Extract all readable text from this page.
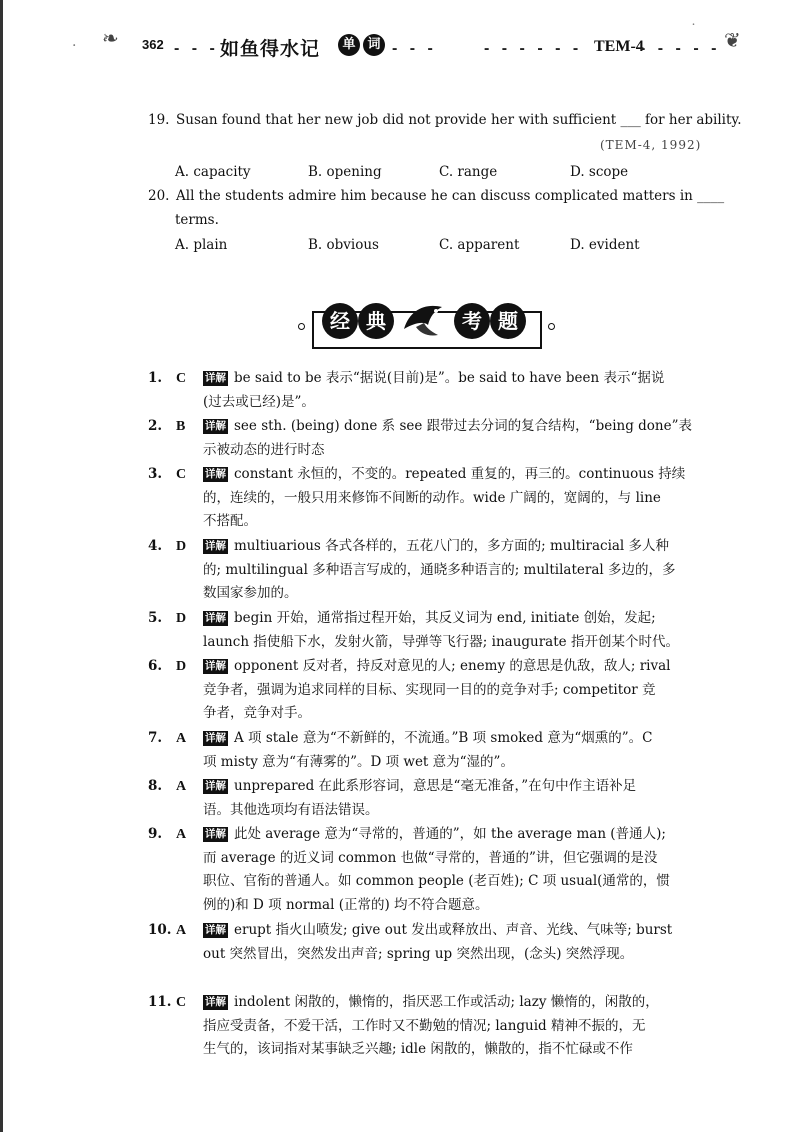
·
˙
❧ 362 - - - 如鱼得水记	单 词 - - -	- - - - - - TEM-4
- - - - - ❦
19. Susan found that her new job did not provide her with sufficient ___ for her ability.
(TEM-4, 1992)
A. capacity	B. opening	C. range	D. scope
20. All the students admire him because he can discuss complicated matters in ____
terms.
A. plain	B. obvious	C. apparent	D. evident
经 典	考 题
1. C 详解 be said to be 表示“据说(目前)是”。be said to have been 表示“据说
(过去或已经)是”。
2. B 详解 see sth. (being) done 系 see 跟带过去分词的复合结构，“being done”表
示被动态的进行时态
3. C 详解 constant 永恒的，不变的。repeated 重复的，再三的。continuous 持续
的，连续的，一般只用来修饰不间断的动作。wide 广阔的，宽阔的，与 line
不搭配。
4. D 详解 multiuarious 各式各样的，五花八门的，多方面的; multiracial 多人种
的; multilingual 多种语言写成的，通晓多种语言的; multilateral 多边的，多
数国家参加的。
5. D 详解 begin 开始，通常指过程开始，其反义词为 end, initiate 创始，发起;
launch 指使船下水，发射火箭，导弹等飞行器; inaugurate 指开创某个时代。
6. D 详解 opponent 反对者，持反对意见的人; enemy 的意思是仇敌，敌人; rival
竞争者，强调为追求同样的目标、实现同一目的的竞争对手; competitor 竞
争者，竞争对手。
7. A 详解 A 项 stale 意为“不新鲜的，不流通。”B 项 smoked 意为“烟熏的”。C
项 misty 意为“有薄雾的”。D 项 wet 意为“湿的”。
8. A 详解 unprepared 在此系形容词，意思是“毫无准备，”在句中作主语补足
语。其他选项均有语法错误。
9. A 详解 此处 average 意为“寻常的，普通的”，如 the average man (普通人);
而 average 的近义词 common 也做“寻常的，普通的”讲，但它强调的是没
职位、官衔的普通人。如 common people (老百姓); C 项 usual(通常的，惯
例的)和 D 项 normal (正常的) 均不符合题意。
10. A 详解 erupt 指火山喷发; give out 发出或释放出、声音、光线、气味等; burst
out 突然冒出，突然发出声音; spring up 突然出现，(念头) 突然浮现。
11. C 详解 indolent 闲散的，懒惰的，指厌恶工作或活动; lazy 懒惰的，闲散的，
指应受责备，不爱干活，工作时又不勤勉的情况; languid 精神不振的，无
生气的，该词指对某事缺乏兴趣; idle 闲散的，懒散的，指不忙碌或不作
